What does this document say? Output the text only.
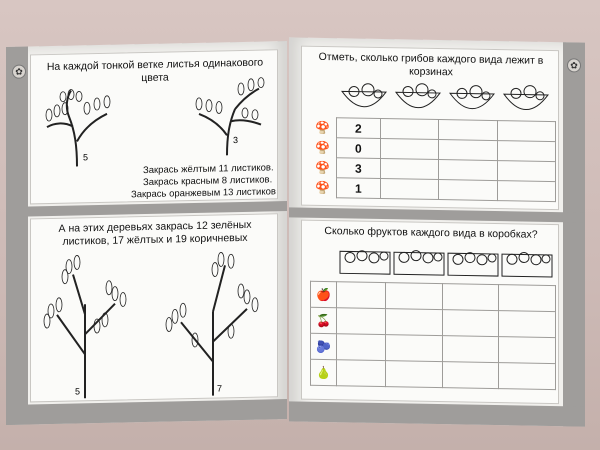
✿	На каждой тонкой ветке листья одинакового цвета
5
3
Закрась жёлтым 11 листиков.
Закрась красным 8 листиков.
Закрась оранжевым 13 листиков
А на этих деревьях закрась 12 зелёных листиков, 17 жёлтых и 19 коричневых
5	7
✿
Отметь, сколько грибов каждого вида лежит в корзинах
🍄	2			
🍄	0			
🍄	3			
🍄	1			
Сколько фруктов каждого вида в коробках?
🍎				
🍒				
🫐				
🍐				
